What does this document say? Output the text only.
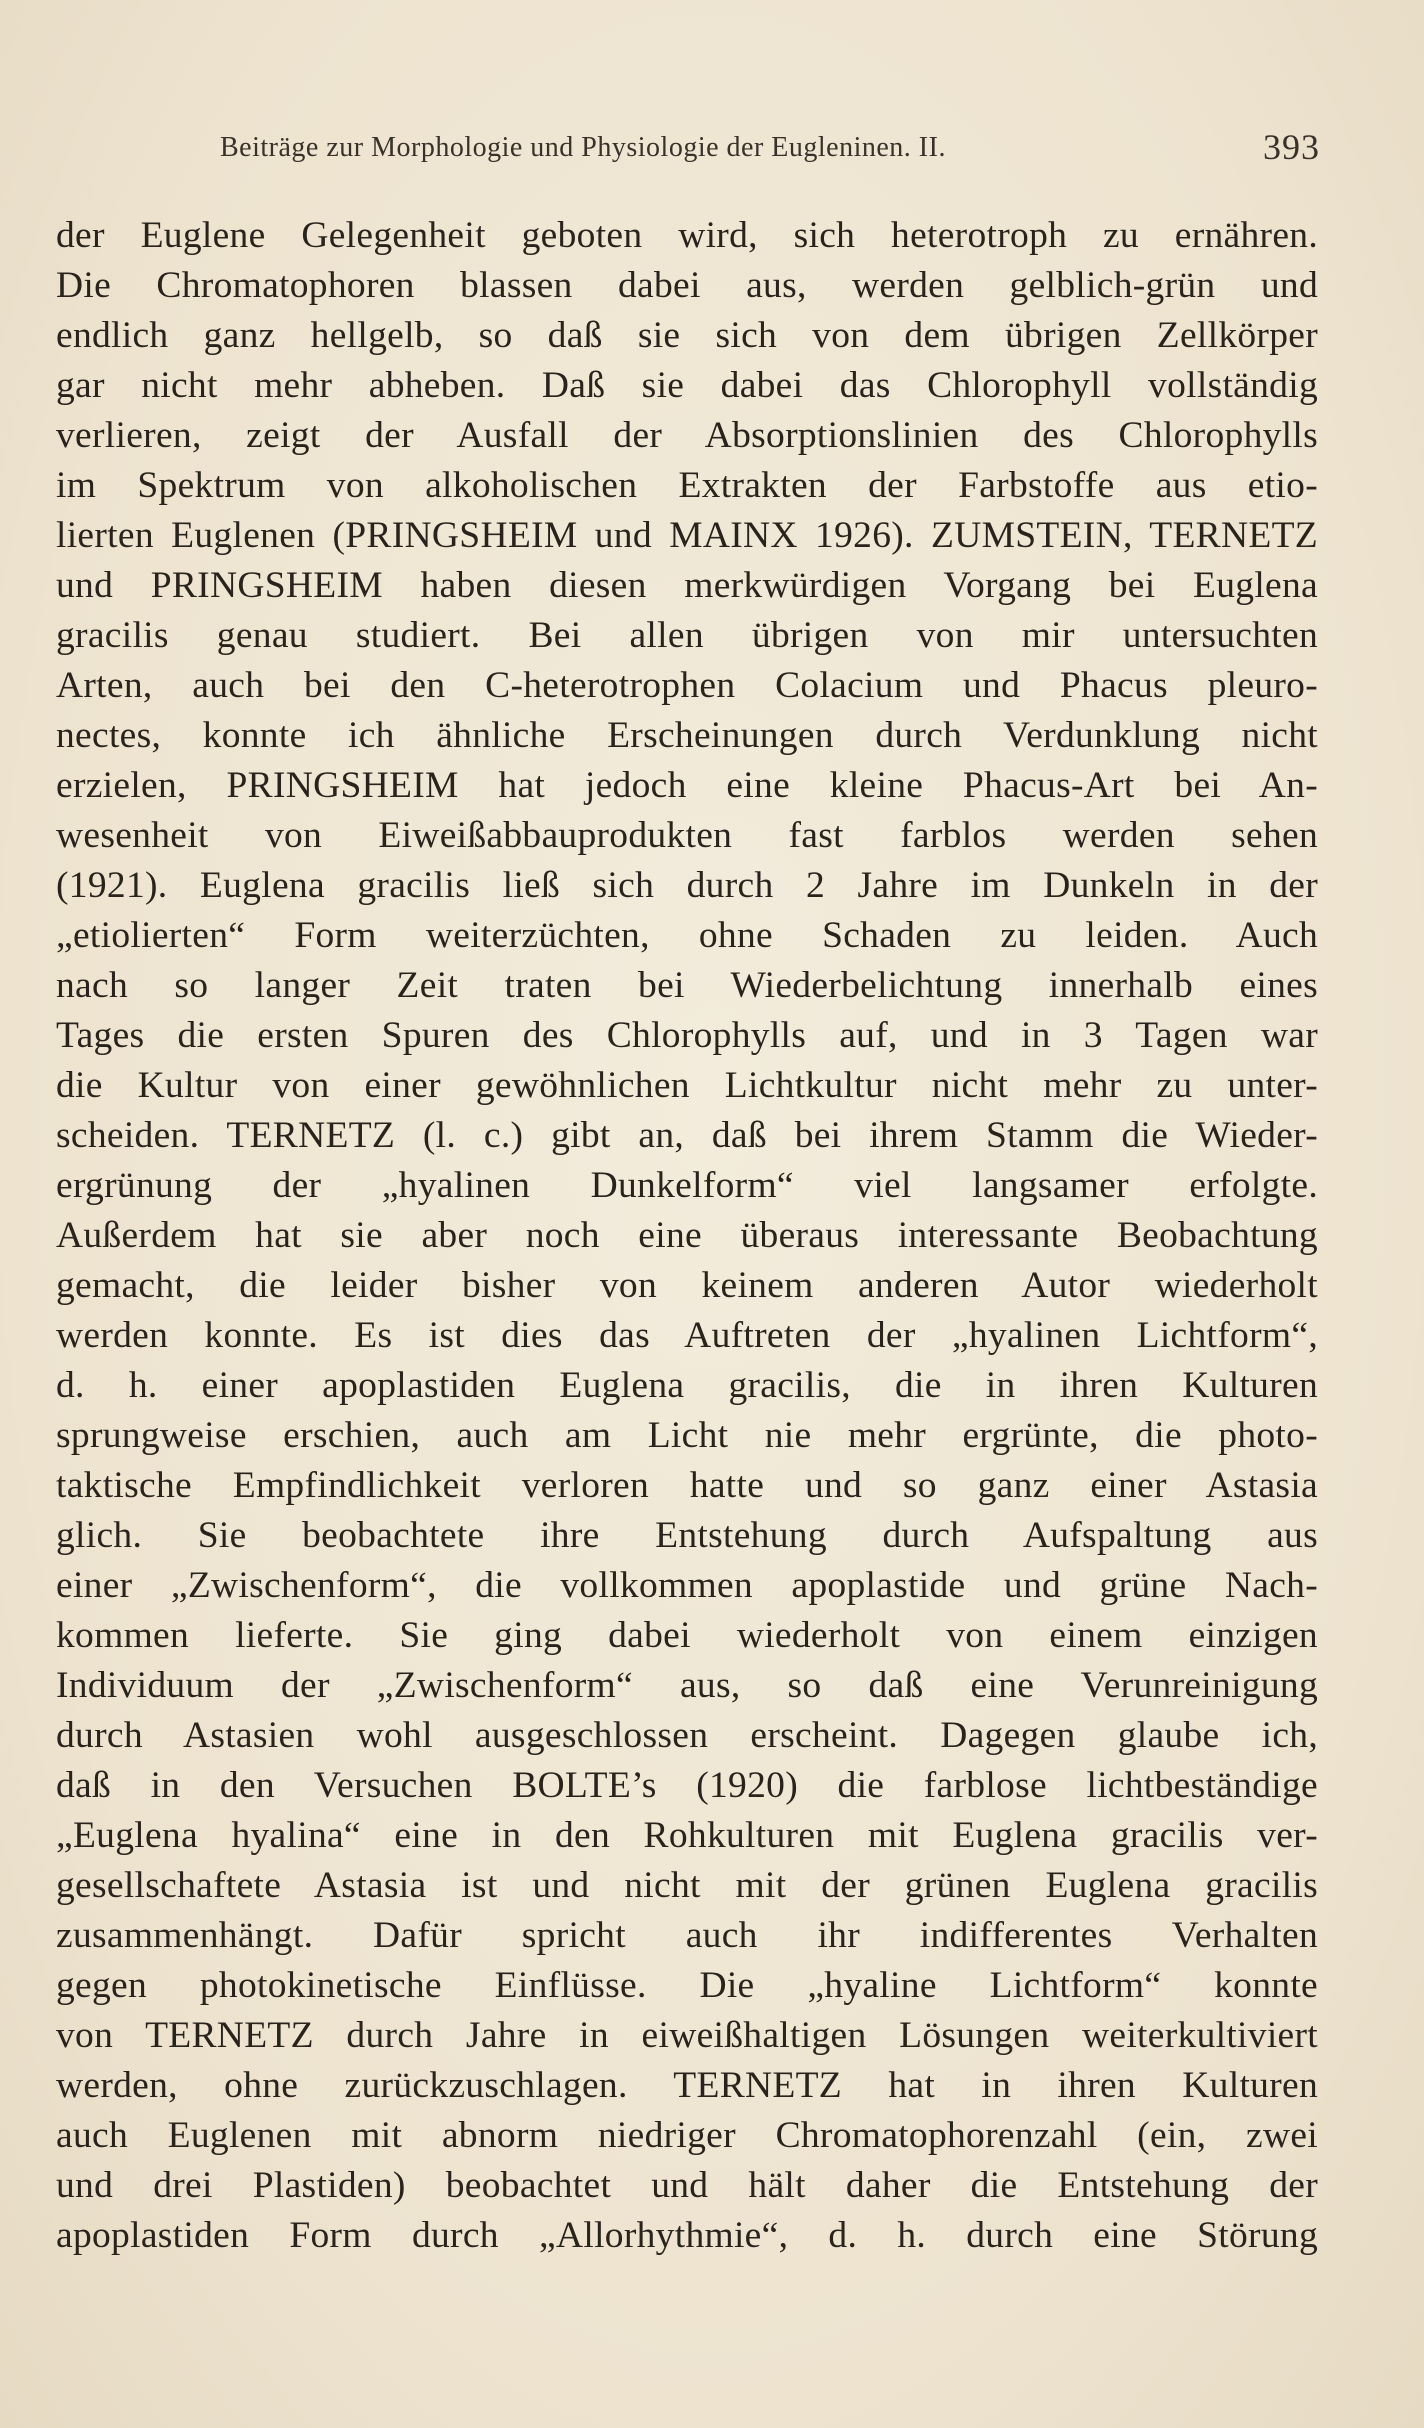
Beiträge zur Morphologie und Physiologie der Eugleninen. II.	393
der Euglene Gelegenheit geboten wird, sich heterotroph zu ernähren.
Die Chromatophoren blassen dabei aus, werden gelblich-grün und
endlich ganz hellgelb, so daß sie sich von dem übrigen Zellkörper
gar nicht mehr abheben. Daß sie dabei das Chlorophyll vollständig
verlieren, zeigt der Ausfall der Absorptionslinien des Chlorophylls
im Spektrum von alkoholischen Extrakten der Farbstoffe aus etio-
lierten Euglenen (PRINGSHEIM und MAINX 1926). ZUMSTEIN, TERNETZ
und PRINGSHEIM haben diesen merkwürdigen Vorgang bei Euglena
gracilis genau studiert. Bei allen übrigen von mir untersuchten
Arten, auch bei den C-heterotrophen Colacium und Phacus pleuro-
nectes, konnte ich ähnliche Erscheinungen durch Verdunklung nicht
erzielen, PRINGSHEIM hat jedoch eine kleine Phacus-Art bei An-
wesenheit von Eiweißabbauprodukten fast farblos werden sehen
(1921). Euglena gracilis ließ sich durch 2 Jahre im Dunkeln in der
„etiolierten“ Form weiterzüchten, ohne Schaden zu leiden. Auch
nach so langer Zeit traten bei Wiederbelichtung innerhalb eines
Tages die ersten Spuren des Chlorophylls auf, und in 3 Tagen war
die Kultur von einer gewöhnlichen Lichtkultur nicht mehr zu unter-
scheiden. TERNETZ (l. c.) gibt an, daß bei ihrem Stamm die Wieder-
ergrünung der „hyalinen Dunkelform“ viel langsamer erfolgte.
Außerdem hat sie aber noch eine überaus interessante Beobachtung
gemacht, die leider bisher von keinem anderen Autor wiederholt
werden konnte. Es ist dies das Auftreten der „hyalinen Lichtform“,
d. h. einer apoplastiden Euglena gracilis, die in ihren Kulturen
sprungweise erschien, auch am Licht nie mehr ergrünte, die photo-
taktische Empfindlichkeit verloren hatte und so ganz einer Astasia
glich. Sie beobachtete ihre Entstehung durch Aufspaltung aus
einer „Zwischenform“, die vollkommen apoplastide und grüne Nach-
kommen lieferte. Sie ging dabei wiederholt von einem einzigen
Individuum der „Zwischenform“ aus, so daß eine Verunreinigung
durch Astasien wohl ausgeschlossen erscheint. Dagegen glaube ich,
daß in den Versuchen BOLTE’s (1920) die farblose lichtbeständige
„Euglena hyalina“ eine in den Rohkulturen mit Euglena gracilis ver-
gesellschaftete Astasia ist und nicht mit der grünen Euglena gracilis
zusammenhängt. Dafür spricht auch ihr indifferentes Verhalten
gegen photokinetische Einflüsse. Die „hyaline Lichtform“ konnte
von TERNETZ durch Jahre in eiweißhaltigen Lösungen weiterkultiviert
werden, ohne zurückzuschlagen. TERNETZ hat in ihren Kulturen
auch Euglenen mit abnorm niedriger Chromatophorenzahl (ein, zwei
und drei Plastiden) beobachtet und hält daher die Entstehung der
apoplastiden Form durch „Allorhythmie“, d. h. durch eine Störung
